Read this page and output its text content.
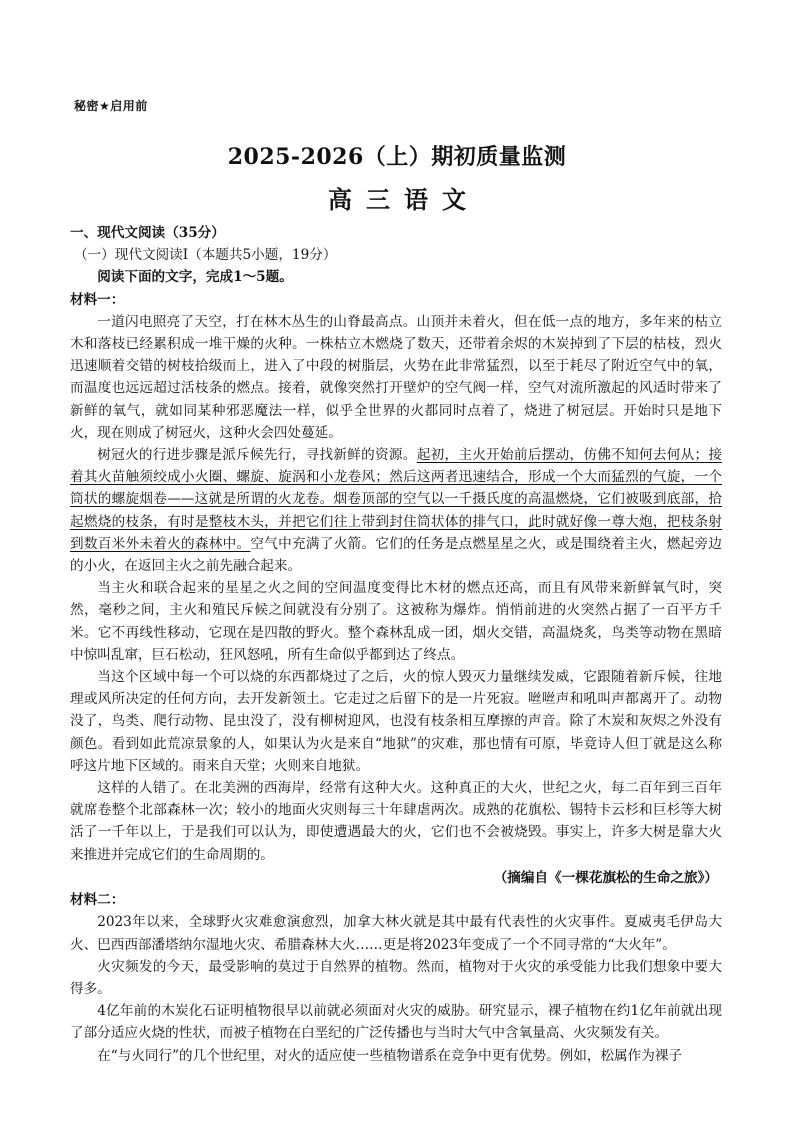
秘密★启用前
2025-2026（上）期初质量监测
高三语文

一、现代文阅读（35分）

（一）现代文阅读Ⅰ（本题共5小题，19分）

阅读下面的文字，完成1～5题。

材料一：

一道闪电照亮了天空，打在林木丛生的山脊最高点。山顶并未着火，但在低一点的地方，多年来的枯立木和落枝已经累积成一堆干燥的火种。一株枯立木燃烧了数天，还带着余烬的木炭掉到了下层的枯枝，烈火迅速顺着交错的树枝拾级而上，进入了中段的树脂层，火势在此非常猛烈，以至于耗尽了附近空气中的氧，而温度也远远超过活枝条的燃点。接着，就像突然打开壁炉的空气阀一样，空气对流所激起的风适时带来了新鲜的氧气，就如同某种邪恶魔法一样，似乎全世界的火都同时点着了，烧进了树冠层。开始时只是地下火，现在则成了树冠火，这种火会四处蔓延。

树冠火的行进步骤是派斥候先行，寻找新鲜的资源。起初，主火开始前后摆动，仿佛不知何去何从；接着其火苗触须绞成小火圈、螺旋、旋涡和小龙卷风；然后这两者迅速结合，形成一个大而猛烈的气旋，一个筒状的螺旋烟卷——这就是所谓的火龙卷。烟卷顶部的空气以一千摄氏度的高温燃烧，它们被吸到底部，拾起燃烧的枝条，有时是整枝木头，并把它们往上带到封住筒状体的排气口，此时就好像一尊大炮，把枝条射到数百米外未着火的森林中。空气中充满了火箭。它们的任务是点燃星星之火，或是围绕着主火，燃起旁边的小火，在返回主火之前先融合起来。

当主火和联合起来的星星之火之间的空间温度变得比木材的燃点还高，而且有风带来新鲜氧气时，突然，毫秒之间，主火和殖民斥候之间就没有分别了。这被称为爆炸。悄悄前进的火突然占据了一百平方千米。它不再线性移动，它现在是四散的野火。整个森林乱成一团，烟火交错，高温烧炙，鸟类等动物在黑暗中惊叫乱窜，巨石松动，狂风怒吼，所有生命似乎都到达了终点。

当这个区域中每一个可以烧的东西都烧过了之后，火的惊人毁灭力量继续发威，它跟随着新斥候，往地理或风所决定的任何方向，去开发新领土。它走过之后留下的是一片死寂。咝咝声和吼叫声都离开了。动物没了，鸟类、爬行动物、昆虫没了，没有柳树迎风，也没有枝条相互摩擦的声音。除了木炭和灰烬之外没有颜色。看到如此荒凉景象的人，如果认为火是来自“地狱”的灾难，那也情有可原，毕竟诗人但丁就是这么称呼这片地下区域的。雨来自天堂；火则来自地狱。

这样的人错了。在北美洲的西海岸，经常有这种大火。这种真正的大火，世纪之火，每二百年到三百年就席卷整个北部森林一次；较小的地面火灾则每三十年肆虐两次。成熟的花旗松、锡特卡云杉和巨杉等大树活了一千年以上，于是我们可以认为，即使遭遇最大的火，它们也不会被烧毁。事实上，许多大树是靠大火来推进并完成它们的生命周期的。

（摘编自《一棵花旗松的生命之旅》）

材料二：

2023年以来，全球野火灾难愈演愈烈，加拿大林火就是其中最有代表性的火灾事件。夏威夷毛伊岛大火、巴西西部潘塔纳尔湿地火灾、希腊森林大火……更是将2023年变成了一个不同寻常的“大火年”。

火灾频发的今天，最受影响的莫过于自然界的植物。然而，植物对于火灾的承受能力比我们想象中要大得多。

4亿年前的木炭化石证明植物很早以前就必须面对火灾的威胁。研究显示，裸子植物在约1亿年前就出现了部分适应火烧的性状，而被子植物在白垩纪的广泛传播也与当时大气中含氧量高、火灾频发有关。

在“与火同行”的几个世纪里，对火的适应使一些植物谱系在竞争中更有优势。例如，松属作为裸子
